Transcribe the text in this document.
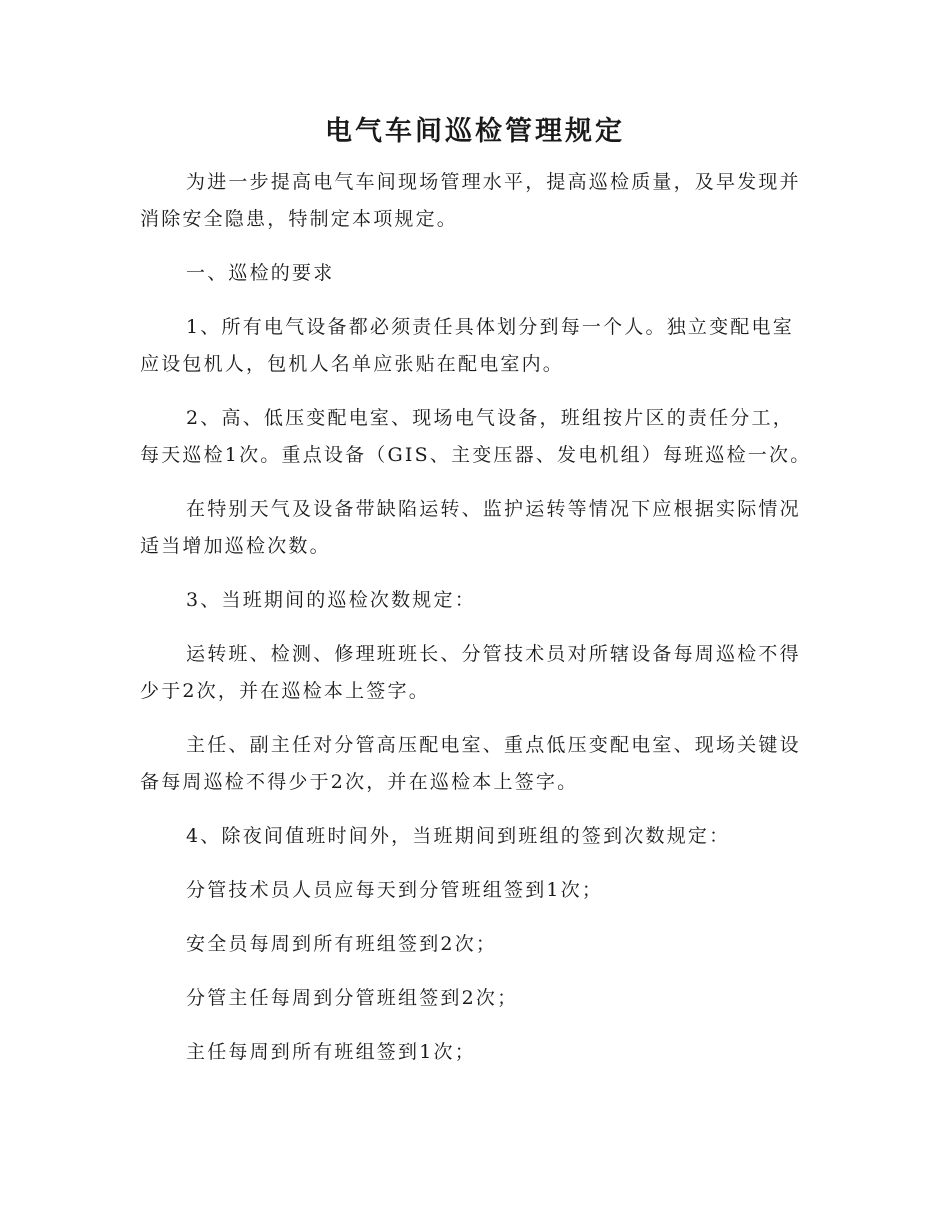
电气车间巡检管理规定

为进一步提高电气车间现场管理水平，提高巡检质量，及早发现并消除安全隐患，特制定本项规定。

一、巡检的要求

1、所有电气设备都必须责任具体划分到每一个人。独立变配电室应设包机人，包机人名单应张贴在配电室内。

2、高、低压变配电室、现场电气设备，班组按片区的责任分工，每天巡检1次。重点设备（GIS、主变压器、发电机组）每班巡检一次。

在特别天气及设备带缺陷运转、监护运转等情况下应根据实际情况适当增加巡检次数。

3、当班期间的巡检次数规定：

运转班、检测、修理班班长、分管技术员对所辖设备每周巡检不得少于2次，并在巡检本上签字。

主任、副主任对分管高压配电室、重点低压变配电室、现场关键设备每周巡检不得少于2次，并在巡检本上签字。

4、除夜间值班时间外，当班期间到班组的签到次数规定：

分管技术员人员应每天到分管班组签到1次；

安全员每周到所有班组签到2次；

分管主任每周到分管班组签到2次；

主任每周到所有班组签到1次；
